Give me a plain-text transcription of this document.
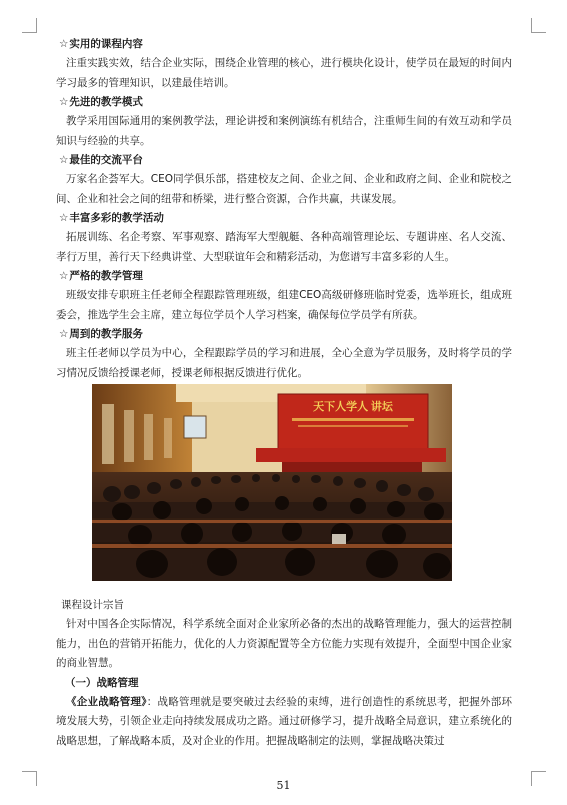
☆实用的课程内容

注重实践实效，结合企业实际，围绕企业管理的核心，进行模块化设计，使学员在最短的时间内学习最多的管理知识，以建最佳培训。

☆先进的教学模式

教学采用国际通用的案例教学法，理论讲授和案例演练有机结合，注重师生间的有效互动和学员知识与经验的共享。

☆最佳的交流平台

万家名企荟军大。CEO同学俱乐部，搭建校友之间、企业之间、企业和政府之间、企业和院校之间、企业和社会之间的纽带和桥梁，进行整合资源，合作共赢，共谋发展。

☆丰富多彩的教学活动

拓展训练、名企考察、军事观察、踏海军大型舰艇、各种高端管理论坛、专题讲座、名人交流、孝行万里，善行天下经典讲堂、大型联谊年会和精彩活动，为您谱写丰富多彩的人生。

☆严格的教学管理

班级安排专职班主任老师全程跟踪管理班级，组建CEO高级研修班临时党委，选举班长，组成班委会，推选学生会主席，建立每位学员个人学习档案，确保每位学员学有所获。

☆周到的教学服务

班主任老师以学员为中心，全程跟踪学员的学习和进展，全心全意为学员服务，及时将学员的学习情况反馈给授课老师，授课老师根据反馈进行优化。

天下人学人 讲坛
课程设计宗旨

针对中国各企实际情况，科学系统全面对企业家所必备的杰出的战略管理能力，强大的运营控制能力，出色的营销开拓能力，优化的人力资源配置等全方位能力实现有效提升，全面型中国企业家的商业智慧。

（一）战略管理

《企业战略管理》：战略管理就是要突破过去经验的束缚，进行创造性的系统思考，把握外部环境发展大势，引领企业走向持续发展成功之路。通过研修学习，提升战略全局意识，建立系统化的战略思想，了解战略本质，及对企业的作用。把握战略制定的法则，掌握战略决策过

51
